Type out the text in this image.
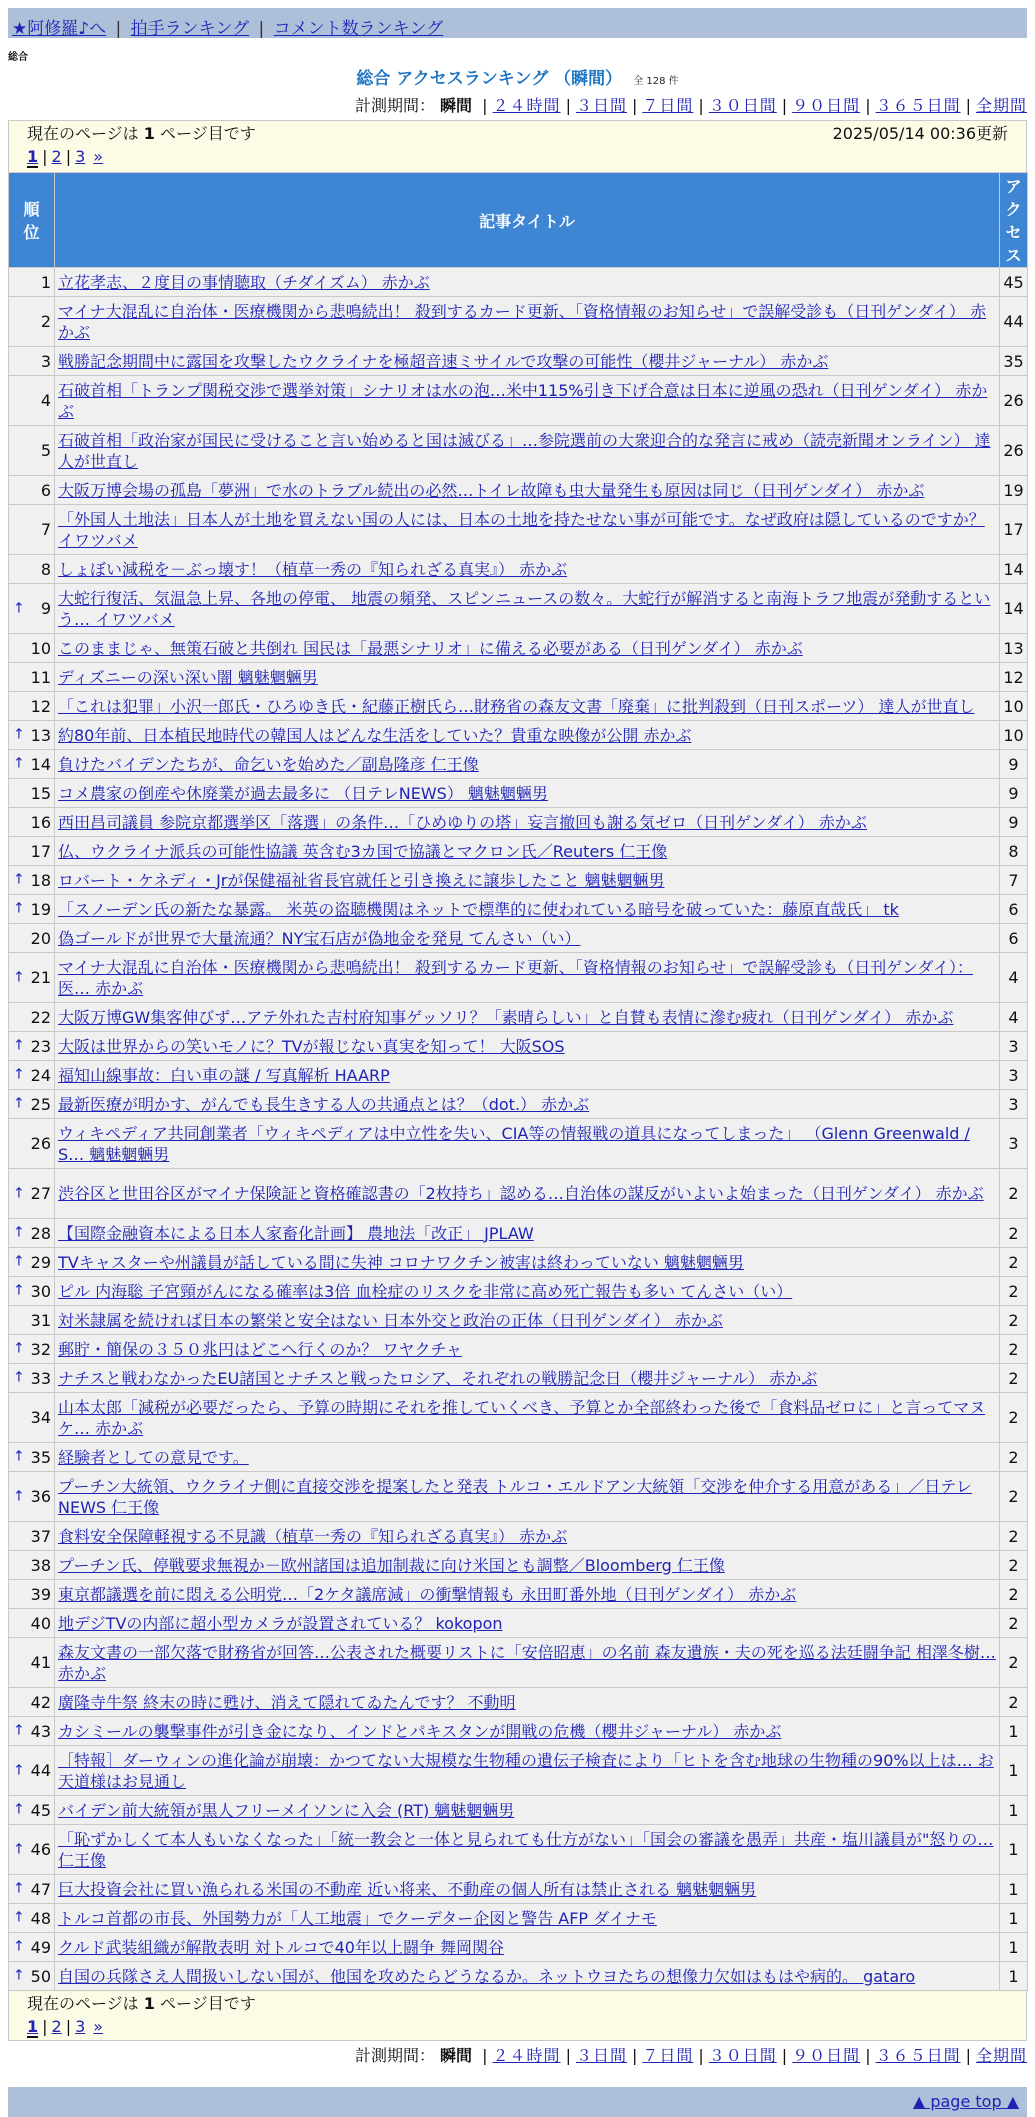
★阿修羅♪へ | 拍手ランキング | コメント数ランキング
総合
総合 アクセスランキング （瞬間） 全 128 件
計測期間： 瞬間 | ２４時間 | ３日間 | ７日間 | ３０日間 | ９０日間 | ３６５日間 | 全期間
現在のページは 1 ページ目です	2025/05/14 00:36更新
1 | 2 | 3 »
順
位	記事タイトル	アク
セス
1	立花孝志、２度目の事情聴取（チダイズム） 赤かぶ	45
2	マイナ大混乱に自治体・医療機関から悲鳴続出！ 殺到するカード更新、「資格情報のお知らせ」で誤解受診も（日刊ゲンダイ） 赤かぶ	44
3	戦勝記念期間中に露国を攻撃したウクライナを極超音速ミサイルで攻撃の可能性（櫻井ジャーナル） 赤かぶ	35
4	石破首相「トランプ関税交渉で選挙対策」シナリオは水の泡…米中115%引き下げ合意は日本に逆風の恐れ（日刊ゲンダイ） 赤かぶ	26
5	石破首相「政治家が国民に受けること言い始めると国は滅びる」…参院選前の大衆迎合的な発言に戒め（読売新聞オンライン） 達人が世直し	26
6	大阪万博会場の孤島「夢洲」で水のトラブル続出の必然…トイレ故障も虫大量発生も原因は同じ（日刊ゲンダイ） 赤かぶ	19
7	「外国人土地法」日本人が土地を買えない国の人には、日本の土地を持たせない事が可能です。なぜ政府は隠しているのですか？ イワツバメ	17
8	しょぼい減税を－ぶっ壊す！（植草一秀の『知られざる真実』） 赤かぶ	14

↑ 9	大蛇行復活、気温急上昇、各地の停電、 地震の頻発、スピンニュースの数々。大蛇行が解消すると南海トラフ地震が発動するという… イワツバメ	14
10	このままじゃ、無策石破と共倒れ 国民は「最悪シナリオ」に備える必要がある（日刊ゲンダイ） 赤かぶ	13
11	ディズニーの深い深い闇 魑魅魍魎男	12
12	「これは犯罪」小沢一郎氏・ひろゆき氏・紀藤正樹氏ら…財務省の森友文書「廃棄」に批判殺到（日刊スポーツ） 達人が世直し	10

↑ 13	約80年前、日本植民地時代の韓国人はどんな生活をしていた？貴重な映像が公開 赤かぶ	10

↑ 14	負けたバイデンたちが、命乞いを始めた／副島隆彦 仁王像	9
15	コメ農家の倒産や休廃業が過去最多に （日テレNEWS） 魑魅魍魎男	9
16	西田昌司議員 参院京都選挙区「落選」の条件…「ひめゆりの塔」妄言撤回も謝る気ゼロ（日刊ゲンダイ） 赤かぶ	9
17	仏、ウクライナ派兵の可能性協議 英含む3カ国で協議とマクロン氏／Reuters 仁王像	8

↑ 18	ロバート・ケネディ・Jrが保健福祉省長官就任と引き換えに譲歩したこと 魑魅魍魎男	7

↑ 19	「スノーデン氏の新たな暴露。 米英の盗聴機関はネットで標準的に使われている暗号を破っていた：藤原直哉氏」 tk	6
20	偽ゴールドが世界で大量流通？NY宝石店が偽地金を発見 てんさい（い）	6

↑ 21	マイナ大混乱に自治体・医療機関から悲鳴続出！ 殺到するカード更新、「資格情報のお知らせ」で誤解受診も（日刊ゲンダイ）：医… 赤かぶ	4
22	大阪万博GW集客伸びず…アテ外れた吉村府知事ゲッソリ？「素晴らしい」と自賛も表情に滲む疲れ（日刊ゲンダイ） 赤かぶ	4

↑ 23	大阪は世界からの笑いモノに？TVが報じない真実を知って！ 大阪SOS	3

↑ 24	福知山線事故：白い車の謎 / 写真解析 HAARP	3

↑ 25	最新医療が明かす、がんでも長生きする人の共通点とは？（dot.） 赤かぶ	3
26	ウィキペディア共同創業者「ウィキペディアは中立性を失い、CIA等の情報戦の道具になってしまった」 （Glenn Greenwald / S… 魑魅魍魎男	3

↑ 27	渋谷区と世田谷区がマイナ保険証と資格確認書の「2枚持ち」認める…自治体の謀反がいよいよ始まった（日刊ゲンダイ） 赤かぶ	2

↑ 28	【国際金融資本による日本人家畜化計画】 農地法「改正」 JPLAW	2

↑ 29	TVキャスターや州議員が話している間に失神 コロナワクチン被害は終わっていない 魑魅魍魎男	2

↑ 30	ピル 内海聡 子宮頸がんになる確率は3倍 血栓症のリスクを非常に高め死亡報告も多い てんさい（い）	2
31	対米隷属を続ければ日本の繁栄と安全はない 日本外交と政治の正体（日刊ゲンダイ） 赤かぶ	2

↑ 32	郵貯・簡保の３５０兆円はどこへ行くのか？ ワヤクチャ	2

↑ 33	ナチスと戦わなかったEU諸国とナチスと戦ったロシア、それぞれの戦勝記念日（櫻井ジャーナル） 赤かぶ	2
34	山本太郎「減税が必要だったら、予算の時期にそれを推していくべき、予算とか全部終わった後で「食料品ゼロに」と言ってマヌケ… 赤かぶ	2

↑ 35	経験者としての意見です。	2

↑ 36	プーチン大統領、ウクライナ側に直接交渉を提案したと発表 トルコ・エルドアン大統領「交渉を仲介する用意がある」／日テレNEWS 仁王像	2
37	食料安全保障軽視する不見識（植草一秀の『知られざる真実』） 赤かぶ	2
38	プーチン氏、停戦要求無視か－欧州諸国は追加制裁に向け米国とも調整／Bloomberg 仁王像	2
39	東京都議選を前に悶える公明党…「2ケタ議席減」の衝撃情報も 永田町番外地（日刊ゲンダイ） 赤かぶ	2
40	地デジTVの内部に超小型カメラが設置されている？ kokopon	2
41	森友文書の一部欠落で財務省が回答…公表された概要リストに「安倍昭恵」の名前 森友遺族・夫の死を巡る法廷闘争記 相澤冬樹… 赤かぶ	2
42	廣隆寺牛祭 終末の時に甦け、消えて隠れてゐたんです？ 不動明	2

↑ 43	カシミールの襲撃事件が引き金になり、インドとパキスタンが開戦の危機（櫻井ジャーナル） 赤かぶ	1

↑ 44	［特報］ダーウィンの進化論が崩壊：かつてない大規模な生物種の遺伝子検査により「ヒトを含む地球の生物種の90%以上は… お天道様はお見通し	1

↑ 45	バイデン前大統領が黒人フリーメイソンに入会 (RT) 魑魅魍魎男	1

↑ 46	「恥ずかしくて本人もいなくなった」「統一教会と一体と見られても仕方がない」「国会の審議を愚弄」共産・塩川議員が"怒りの… 仁王像	1

↑ 47	巨大投資会社に買い漁られる米国の不動産 近い将来、不動産の個人所有は禁止される 魑魅魍魎男	1

↑ 48	トルコ首都の市長、外国勢力が「人工地震」でクーデター企図と警告 AFP ダイナモ	1

↑ 49	クルド武装組織が解散表明 対トルコで40年以上闘争 舞岡関谷	1

↑ 50	自国の兵隊さえ人間扱いしない国が、他国を攻めたらどうなるか。ネットウヨたちの想像力欠如はもはや病的。 gataro	1
現在のページは 1 ページ目です
1 | 2 | 3 »
計測期間： 瞬間 | ２４時間 | ３日間 | ７日間 | ３０日間 | ９０日間 | ３６５日間 | 全期間
▲ page top ▲
